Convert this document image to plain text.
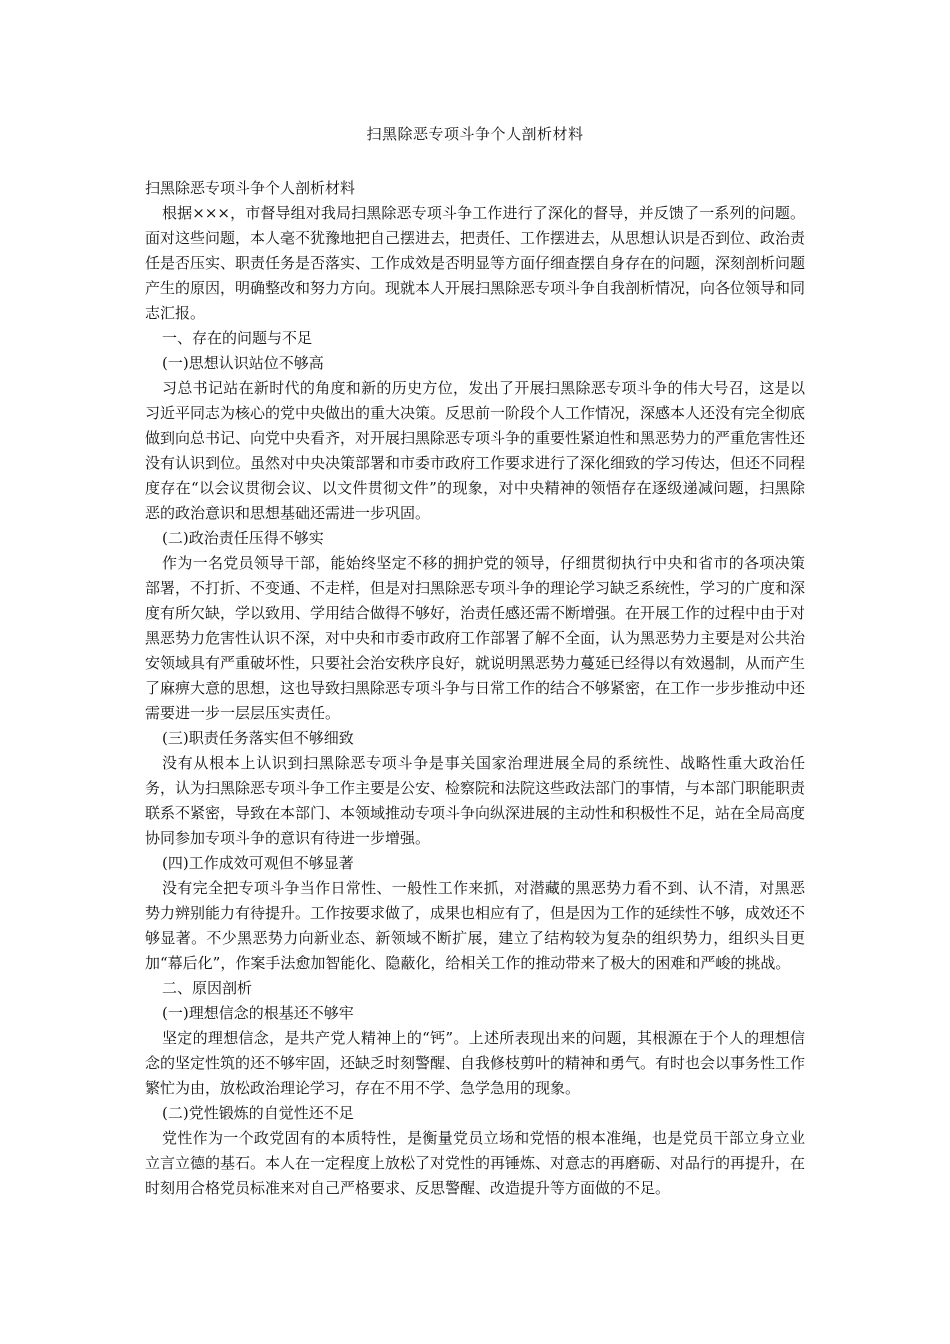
扫黑除恶专项斗争个人剖析材料
扫黑除恶专项斗争个人剖析材料
根据×××，市督导组对我局扫黑除恶专项斗争工作进行了深化的督导，并反馈了一系列的问题。面对这些问题，本人毫不犹豫地把自己摆进去，把责任、工作摆进去，从思想认识是否到位、政治责任是否压实、职责任务是否落实、工作成效是否明显等方面仔细查摆自身存在的问题，深刻剖析问题产生的原因，明确整改和努力方向。现就本人开展扫黑除恶专项斗争自我剖析情况，向各位领导和同志汇报。
一、存在的问题与不足
(一)思想认识站位不够高
习总书记站在新时代的角度和新的历史方位，发出了开展扫黑除恶专项斗争的伟大号召，这是以习近平同志为核心的党中央做出的重大决策。反思前一阶段个人工作情况，深感本人还没有完全彻底做到向总书记、向党中央看齐，对开展扫黑除恶专项斗争的重要性紧迫性和黑恶势力的严重危害性还没有认识到位。虽然对中央决策部署和市委市政府工作要求进行了深化细致的学习传达，但还不同程度存在“以会议贯彻会议、以文件贯彻文件”的现象，对中央精神的领悟存在逐级递减问题，扫黑除恶的政治意识和思想基础还需进一步巩固。
(二)政治责任压得不够实
作为一名党员领导干部，能始终坚定不移的拥护党的领导，仔细贯彻执行中央和省市的各项决策部署，不打折、不变通、不走样，但是对扫黑除恶专项斗争的理论学习缺乏系统性，学习的广度和深度有所欠缺，学以致用、学用结合做得不够好，治责任感还需不断增强。在开展工作的过程中由于对黑恶势力危害性认识不深，对中央和市委市政府工作部署了解不全面，认为黑恶势力主要是对公共治安领域具有严重破坏性，只要社会治安秩序良好，就说明黑恶势力蔓延已经得以有效遏制，从而产生了麻痹大意的思想，这也导致扫黑除恶专项斗争与日常工作的结合不够紧密，在工作一步步推动中还需要进一步一层层压实责任。
(三)职责任务落实但不够细致
没有从根本上认识到扫黑除恶专项斗争是事关国家治理进展全局的系统性、战略性重大政治任务，认为扫黑除恶专项斗争工作主要是公安、检察院和法院这些政法部门的事情，与本部门职能职责联系不紧密，导致在本部门、本领域推动专项斗争向纵深进展的主动性和积极性不足，站在全局高度协同参加专项斗争的意识有待进一步增强。
(四)工作成效可观但不够显著
没有完全把专项斗争当作日常性、一般性工作来抓，对潜藏的黑恶势力看不到、认不清，对黑恶势力辨别能力有待提升。工作按要求做了，成果也相应有了，但是因为工作的延续性不够，成效还不够显著。不少黑恶势力向新业态、新领域不断扩展，建立了结构较为复杂的组织势力，组织头目更加“幕后化”，作案手法愈加智能化、隐蔽化，给相关工作的推动带来了极大的困难和严峻的挑战。
二、原因剖析
(一)理想信念的根基还不够牢
坚定的理想信念，是共产党人精神上的“钙”。上述所表现出来的问题，其根源在于个人的理想信念的坚定性筑的还不够牢固，还缺乏时刻警醒、自我修枝剪叶的精神和勇气。有时也会以事务性工作繁忙为由，放松政治理论学习，存在不用不学、急学急用的现象。
(二)党性锻炼的自觉性还不足
党性作为一个政党固有的本质特性，是衡量党员立场和党悟的根本准绳，也是党员干部立身立业立言立德的基石。本人在一定程度上放松了对党性的再锤炼、对意志的再磨砺、对品行的再提升，在时刻用合格党员标准来对自己严格要求、反思警醒、改造提升等方面做的不足。
